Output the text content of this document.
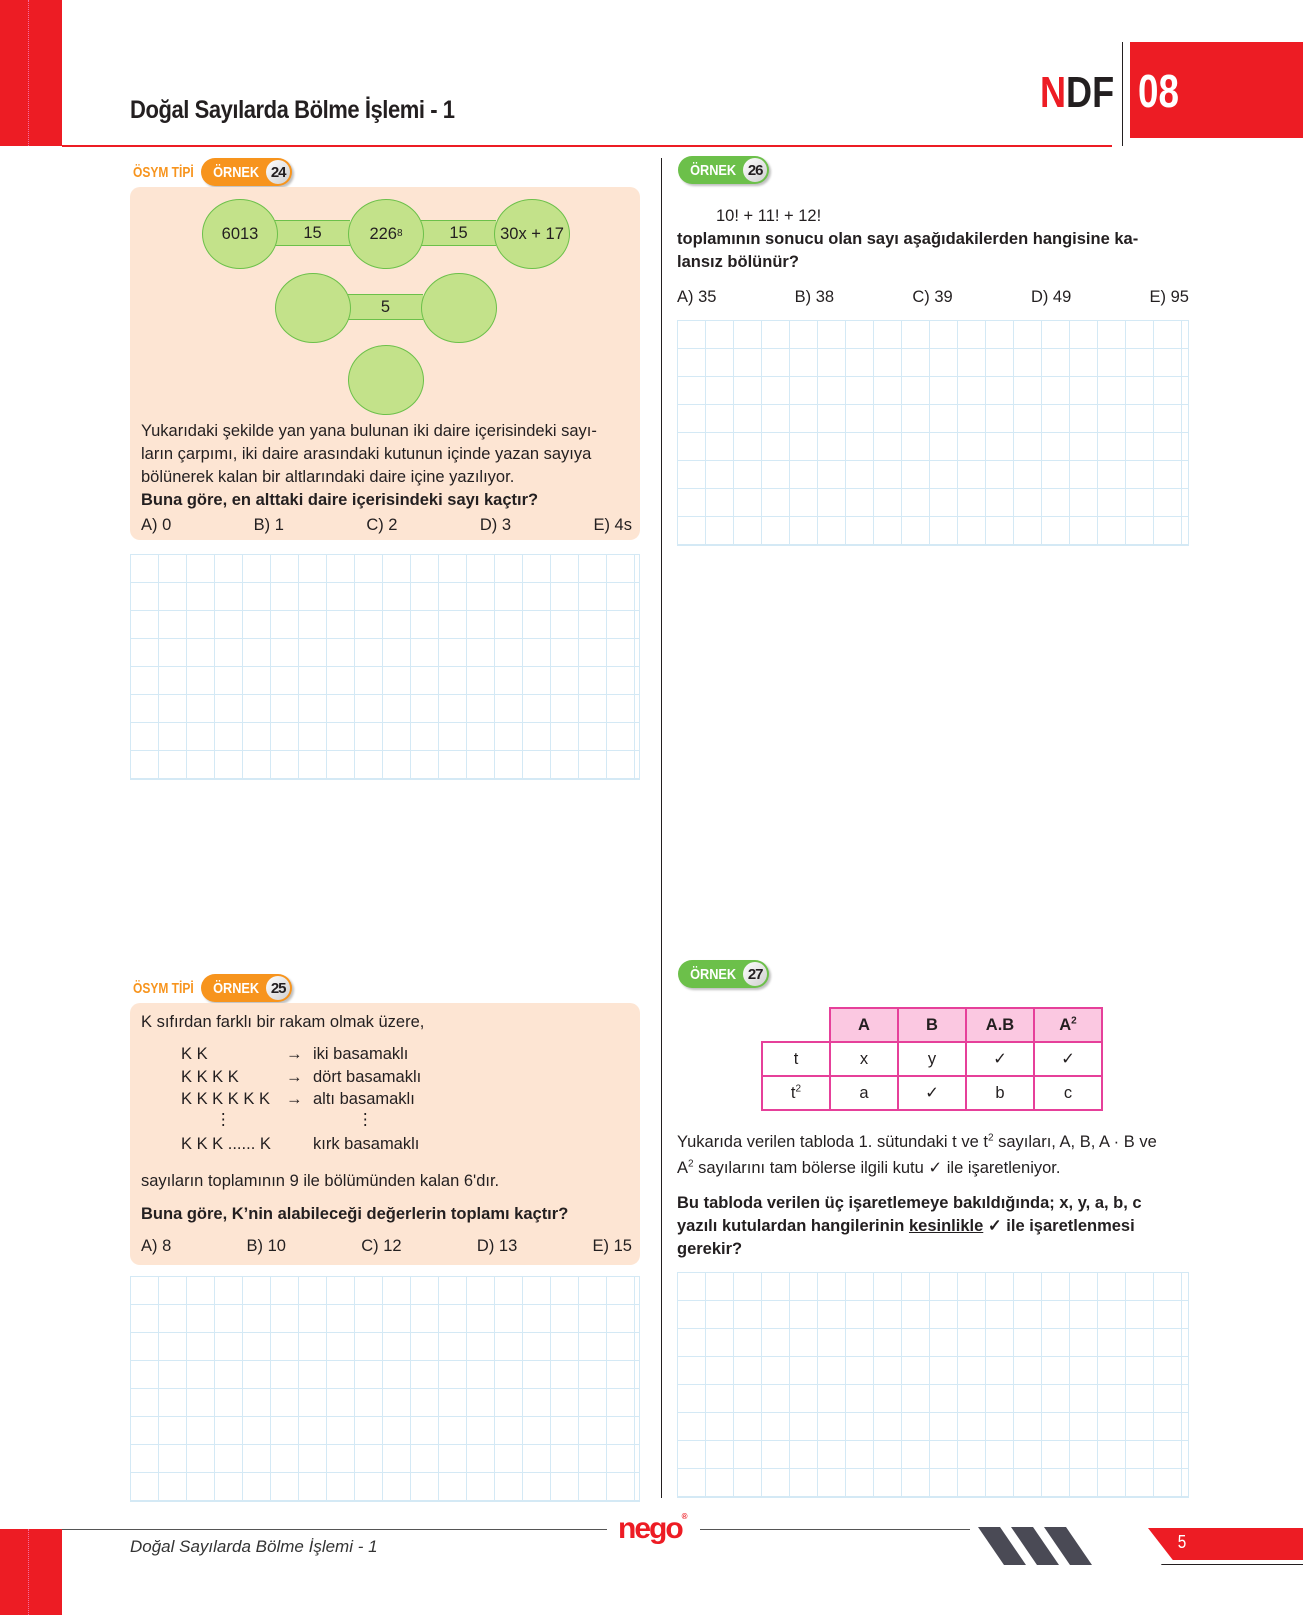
Doğal Sayılarda Bölme İşlemi - 1	NDF 08
ÖSYM TİPİ ÖRNEK 24
6013	15	226 8	15	30x + 17
5
Yukarıdaki şekilde yan yana bulunan iki daire içerisindeki sayı-
ların çarpımı, iki daire arasındaki kutunun içinde yazan sayıya
bölünerek kalan bir altlarındaki daire içine yazılıyor.
Buna göre, en alttaki daire içerisindeki sayı kaçtır?
A) 0	B) 1	C) 2	D) 3	E) 4s
ÖSYM TİPİ ÖRNEK 25
K sıfırdan farklı bir rakam olmak üzere,
K K	→ iki basamaklı
K K K K	→ dört basamaklı
K K K K K K → altı basamaklı
⋮	⋮
K K K ...... K	kırk basamaklı
sayıların toplamının 9 ile bölümünden kalan 6'dır.
Buna göre, K’nin alabileceği değerlerin toplamı kaçtır?
A) 8	B) 10	C) 12	D) 13	E) 15
ÖRNEK 26
10! + 11! + 12!
toplamının sonucu olan sayı aşağıdakilerden hangisine ka-
lansız bölünür?
A) 35	B) 38	C) 39	D) 49	E) 95
ÖRNEK 27
	A	B	A.B	$A^2$
t	x	y	✓	✓
$t^2$	a	✓	b	c
Yukarıda verilen tabloda 1. sütundaki t ve $t^2$ sayıları, A, B, A · B ve
$A^2$ sayılarını tam bölerse ilgili kutu ✓ ile işaretleniyor.
Bu tabloda verilen üç işaretlemeye bakıldığında; x, y, a, b, c
yazılı kutulardan hangilerinin kesinlikle ✓ ile işaretlenmesi
gerekir?
Doğal Sayılarda Bölme İşlemi - 1
nego®
5
